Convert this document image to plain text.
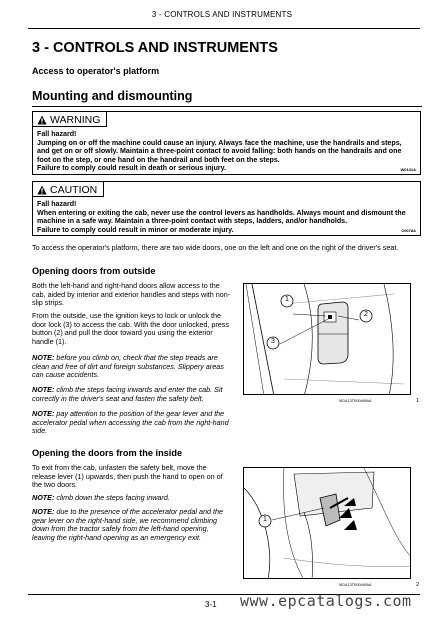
3 - CONTROLS AND INSTRUMENTS
3 - CONTROLS AND INSTRUMENTS
Access to operator's platform
Mounting and dismounting
WARNING
Fall hazard!
Jumping on or off the machine could cause an injury. Always face the machine, use the handrails and steps, and get on or off slowly. Maintain a three-point contact to avoid falling: both hands on the handrails and one foot on the step, or one hand on the handrail and both feet on the steps.
Failure to comply could result in death or serious injury.	W0141A
CAUTION
Fall hazard!
When entering or exiting the cab, never use the control levers as handholds. Always mount and dismount the machine in a safe way. Maintain a three-point contact with steps, ladders, and/or handholds.
Failure to comply could result in minor or moderate injury.	C0078A
To access the operator's platform, there are two wide doors, one on the left and one on the right of the driver's seat.
Opening doors from outside
Both the left-hand and right-hand doors allow access to the cab, aided by interior and exterior handles and steps with non-slip strips.
From the outside, use the ignition keys to lock or unlock the door lock (3) to access the cab. With the door unlocked, press button (2) and pull the door toward you using the exterior handle (1).
NOTE: before you climb on, check that the step treads are clean and free of dirt and foreign substances. Slippery areas can cause accidents.
NOTE: climb the steps facing inwards and enter the cab. Sit correctly in the driver's seat and fasten the safety belt.
NOTE: pay attention to the position of the gear lever and the accelerator pedal when accessing the cab from the right-hand side.
Opening the doors from the inside
To exit from the cab, unfasten the safety belt, move the release lever (1) upwards, then push the hand to open on of the two doors.
NOTE: climb down the steps facing inward.
NOTE: due to the presence of the accelerator pedal and the gear lever on the right-hand side, we recommend climbing down from the tractor safely from the left-hand opening, leaving the right-hand opening as an emergency exit.
1
2
3
MOIL13TR00489AA	1
1
MOIL13TR00490AA	2
3-1 www.epcatalogs.com
